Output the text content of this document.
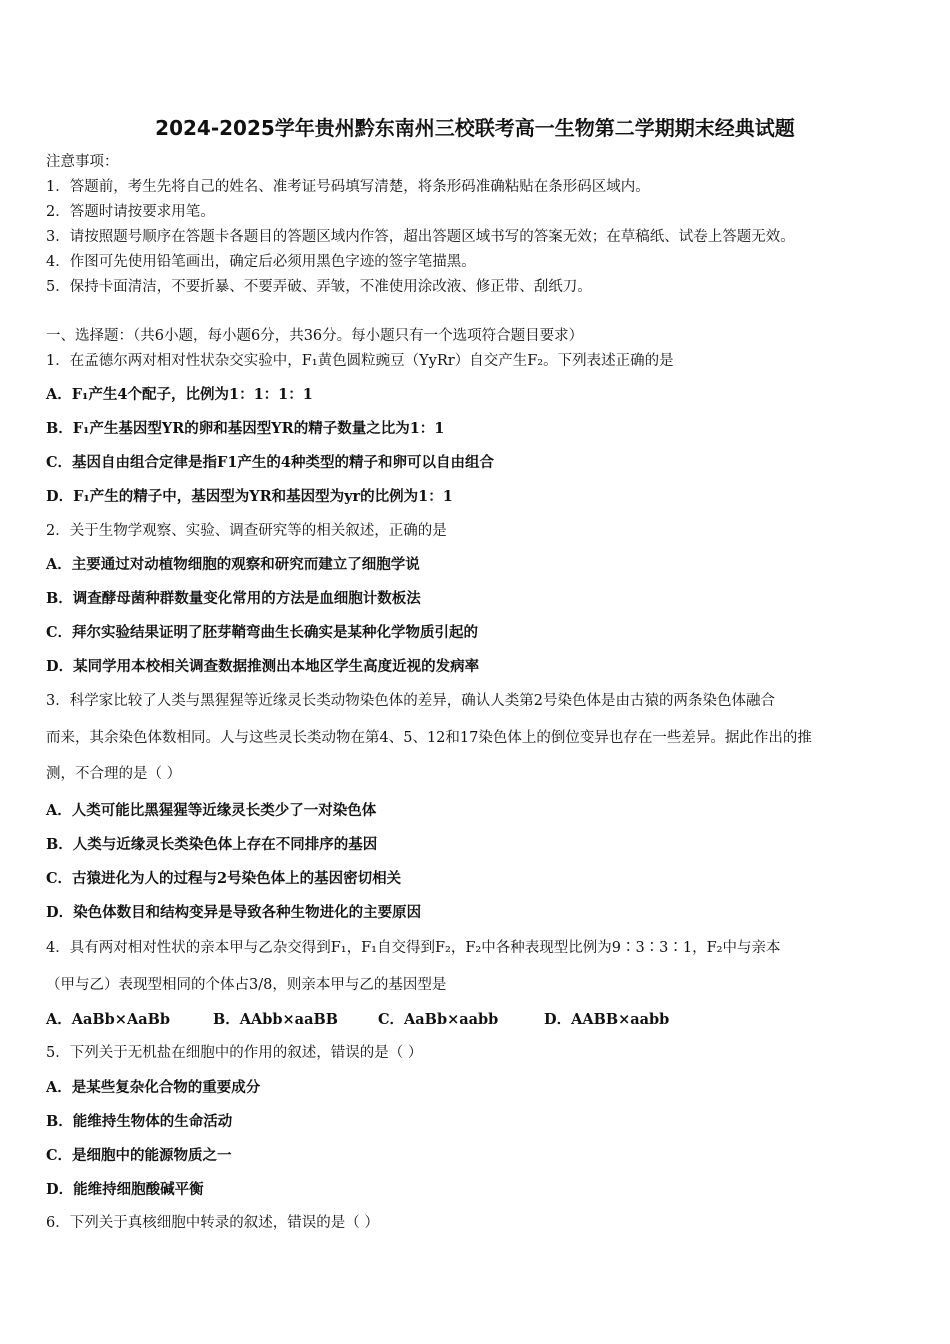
2024-2025学年贵州黔东南州三校联考高一生物第二学期期末经典试题
注意事项：
1．答题前，考生先将自己的姓名、准考证号码填写清楚，将条形码准确粘贴在条形码区域内。
2．答题时请按要求用笔。
3．请按照题号顺序在答题卡各题目的答题区域内作答，超出答题区域书写的答案无效；在草稿纸、试卷上答题无效。
4．作图可先使用铅笔画出，确定后必须用黑色字迹的签字笔描黑。
5．保持卡面清洁，不要折暴、不要弄破、弄皱，不准使用涂改液、修正带、刮纸刀。
一、选择题：（共6小题，每小题6分，共36分。每小题只有一个选项符合题目要求）
1．在孟德尔两对相对性状杂交实验中，F₁黄色圆粒豌豆（YyRr）自交产生F₂。下列表述正确的是
A．F₁产生4个配子，比例为1：1：1：1
B．F₁产生基因型YR的卵和基因型YR的精子数量之比为1：1
C．基因自由组合定律是指F1产生的4种类型的精子和卵可以自由组合
D．F₁产生的精子中，基因型为YR和基因型为yr的比例为1：1
2．关于生物学观察、实验、调查研究等的相关叙述，正确的是
A．主要通过对动植物细胞的观察和研究而建立了细胞学说
B．调查酵母菌种群数量变化常用的方法是血细胞计数板法
C．拜尔实验结果证明了胚芽鞘弯曲生长确实是某种化学物质引起的
D．某同学用本校相关调查数据推测出本地区学生高度近视的发病率
3．科学家比较了人类与黑猩猩等近缘灵长类动物染色体的差异，确认人类第2号染色体是由古猿的两条染色体融合
而来，其余染色体数相同。人与这些灵长类动物在第4、5、12和17染色体上的倒位变异也存在一些差异。据此作出的推
测，不合理的是（ ）
A．人类可能比黑猩猩等近缘灵长类少了一对染色体
B．人类与近缘灵长类染色体上存在不同排序的基因
C．古猿进化为人的过程与2号染色体上的基因密切相关
D．染色体数目和结构变异是导致各种生物进化的主要原因
4．具有两对相对性状的亲本甲与乙杂交得到F₁，F₁自交得到F₂，F₂中各种表现型比例为9∶3∶3∶1，F₂中与亲本
（甲与乙）表现型相同的个体占3/8，则亲本甲与乙的基因型是
A．AaBb×AaBb	B．AAbb×aaBB	C．AaBb×aabb	D．AABB×aabb
5．下列关于无机盐在细胞中的作用的叙述，错误的是（ ）
A．是某些复杂化合物的重要成分
B．能维持生物体的生命活动
C．是细胞中的能源物质之一
D．能维持细胞酸碱平衡
6．下列关于真核细胞中转录的叙述，错误的是（ ）
